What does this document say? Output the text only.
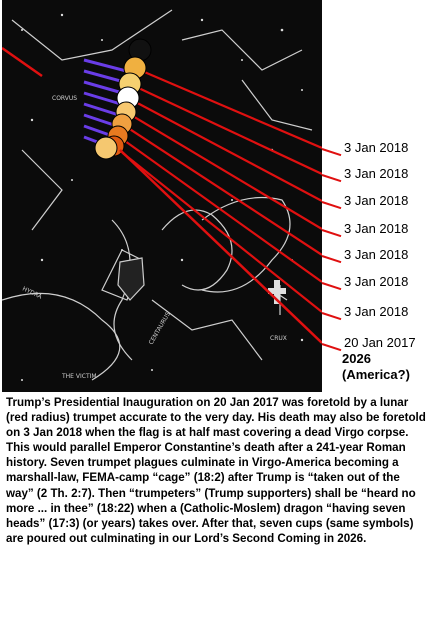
CENTAURUS	CRUX
THE VICTIM
HYDRA
CORVUS
3 Jan 2018
3 Jan 2018
3 Jan 2018
3 Jan 2018
3 Jan 2018
3 Jan 2018
3 Jan 2018
20 Jan 2017
2026
(America?)
Trump’s Presidential Inauguration on 20 Jan 2017 was foretold by a lunar (red radius) trumpet accurate to the very day. His death may also be foretold on 3 Jan 2018 when the flag is at half mast covering a dead Virgo corpse. This would parallel Emperor Constantine’s death after a 241-year Roman history. Seven trumpet plagues culminate in Virgo-America becoming a marshall-law, FEMA-camp “cage” (18:2) after Trump is “taken out of the way” (2 Th. 2:7). Then “trumpeters” (Trump supporters) shall be “heard no more ... in thee” (18:22) when a (Catholic-Moslem) dragon “having seven heads” (17:3) (or years) takes over. After that, seven cups (same symbols) are poured out culminating in our Lord’s Second Coming in 2026.
